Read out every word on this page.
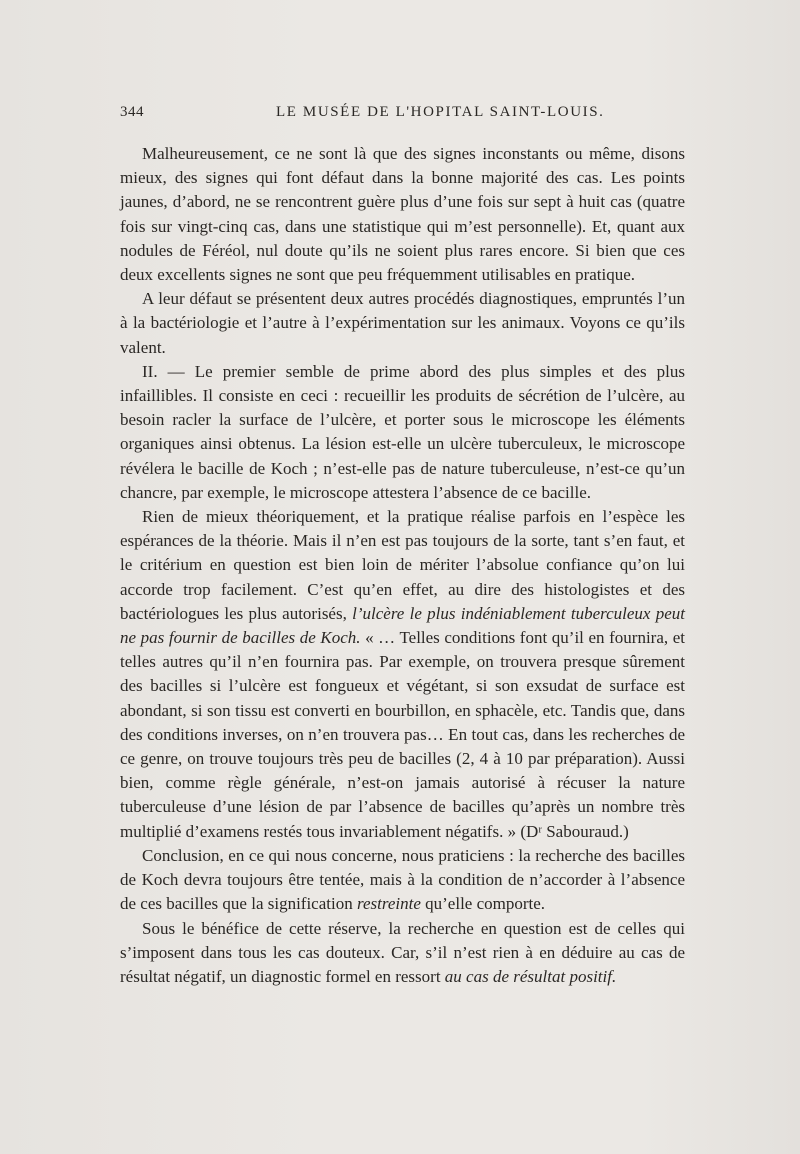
344	LE MUSÉE DE L'HOPITAL SAINT-LOUIS.

Malheureusement, ce ne sont là que des signes inconstants ou même, disons mieux, des signes qui font défaut dans la bonne majorité des cas. Les points jaunes, d’abord, ne se rencontrent guère plus d’une fois sur sept à huit cas (quatre fois sur vingt-cinq cas, dans une statistique qui m’est personnelle). Et, quant aux nodules de Féréol, nul doute qu’ils ne soient plus rares encore. Si bien que ces deux excellents signes ne sont que peu fréquemment utilisables en pratique.

A leur défaut se présentent deux autres procédés diagnostiques, empruntés l’un à la bactériologie et l’autre à l’expérimentation sur les animaux. Voyons ce qu’ils valent.

II. — Le premier semble de prime abord des plus simples et des plus infaillibles. Il consiste en ceci : recueillir les produits de sécrétion de l’ulcère, au besoin racler la surface de l’ulcère, et porter sous le microscope les éléments organiques ainsi obtenus. La lésion est-elle un ulcère tuberculeux, le microscope révélera le bacille de Koch ; n’est-elle pas de nature tuberculeuse, n’est-ce qu’un chancre, par exemple, le microscope attestera l’absence de ce bacille.

Rien de mieux théoriquement, et la pratique réalise parfois en l’espèce les espérances de la théorie. Mais il n’en est pas toujours de la sorte, tant s’en faut, et le critérium en question est bien loin de mériter l’absolue confiance qu’on lui accorde trop facilement. C’est qu’en effet, au dire des histologistes et des bactériologues les plus autorisés, l’ulcère le plus indéniablement tuberculeux peut ne pas fournir de bacilles de Koch. « … Telles conditions font qu’il en fournira, et telles autres qu’il n’en fournira pas. Par exemple, on trouvera presque sûrement des bacilles si l’ulcère est fongueux et végétant, si son exsudat de surface est abondant, si son tissu est converti en bourbillon, en sphacèle, etc. Tandis que, dans des conditions inverses, on n’en trouvera pas… En tout cas, dans les recherches de ce genre, on trouve toujours très peu de bacilles (2, 4 à 10 par préparation). Aussi bien, comme règle générale, n’est-on jamais autorisé à récuser la nature tuberculeuse d’une lésion de par l’absence de bacilles qu’après un nombre très multiplié d’examens restés tous invariablement négatifs. » (Dʳ Sabouraud.)

Conclusion, en ce qui nous concerne, nous praticiens : la recherche des bacilles de Koch devra toujours être tentée, mais à la condition de n’accorder à l’absence de ces bacilles que la signification restreinte qu’elle comporte.

Sous le bénéfice de cette réserve, la recherche en question est de celles qui s’imposent dans tous les cas douteux. Car, s’il n’est rien à en déduire au cas de résultat négatif, un diagnostic formel en ressort au cas de résultat positif.
